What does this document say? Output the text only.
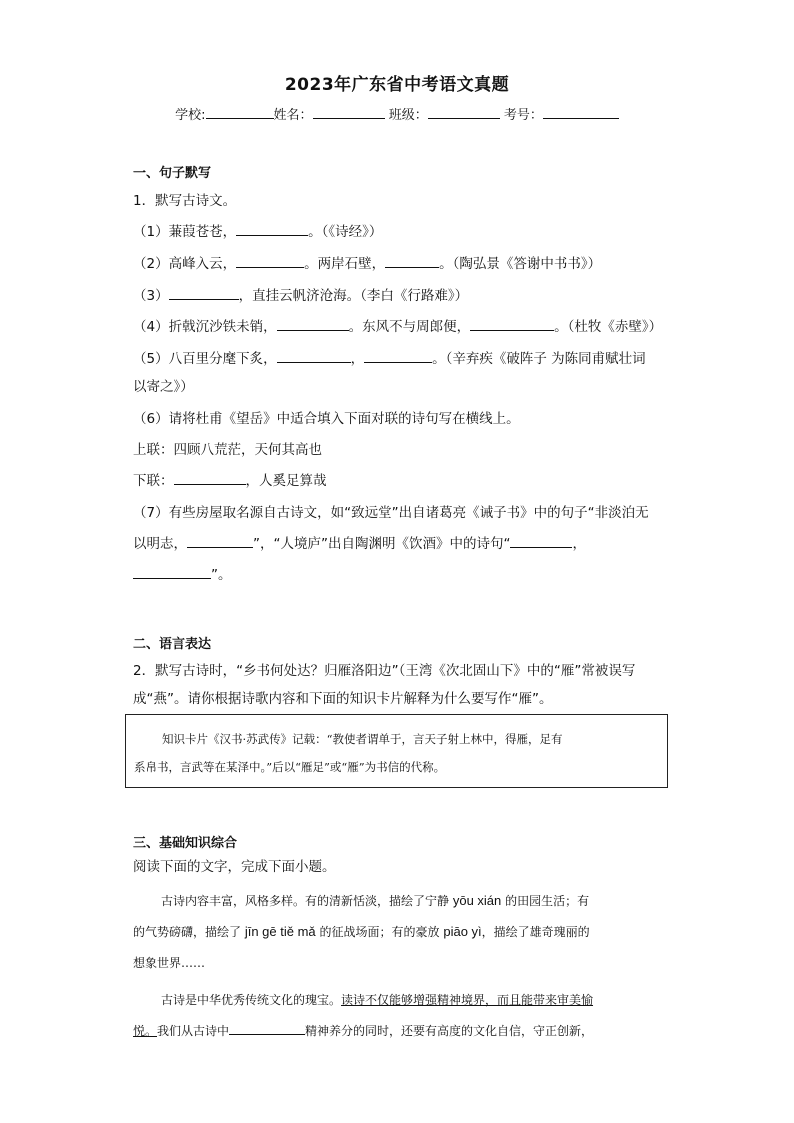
2023年广东省中考语文真题
学校:	姓名：	班级：	考号：
一、句子默写
1．默写古诗文。
（1）蒹葭苍苍，	。（《诗经》）
（2）高峰入云，	。两岸石壁，	。（陶弘景《答谢中书书》）
（3）	，直挂云帆济沧海。（李白《行路难》）
（4）折戟沉沙铁未销，	。东风不与周郎便，	。（杜牧《赤壁》）
（5）八百里分麾下炙，	，	。（辛弃疾《破阵子 为陈同甫赋壮词
以寄之》）
（6）请将杜甫《望岳》中适合填入下面对联的诗句写在横线上。
上联：四顾八荒茫，天何其高也
下联：	，人奚足算哉
（7）有些房屋取名源自古诗文，如“致远堂”出自诸葛亮《诫子书》中的句子“非淡泊无
以明志，	”，“人境庐”出自陶渊明《饮酒》中的诗句“	，
”。
二、语言表达
2．默写古诗时，“乡书何处达？归雁洛阳边”（王湾《次北固山下》中的“雁”常被误写
成“燕”。请你根据诗歌内容和下面的知识卡片解释为什么要写作“雁”。
知识卡片《汉书·苏武传》记载：“教使者谓单于，言天子射上林中，得雁，足有
系帛书，言武等在某泽中。”后以“雁足”或“雁”为书信的代称。
三、基础知识综合
阅读下面的文字，完成下面小题。
古诗内容丰富，风格多样。有的清新恬淡，描绘了宁静 yōu xián 的田园生活；有
的气势磅礴，描绘了 jīn gē tiě mǎ 的征战场面；有的豪放 piāo yì，描绘了雄奇瑰丽的
想象世界……
古诗是中华优秀传统文化的瑰宝。读诗不仅能够增强精神境界，而且能带来审美愉
悦。我们从古诗中	精神养分的同时，还要有高度的文化自信，守正创新，
